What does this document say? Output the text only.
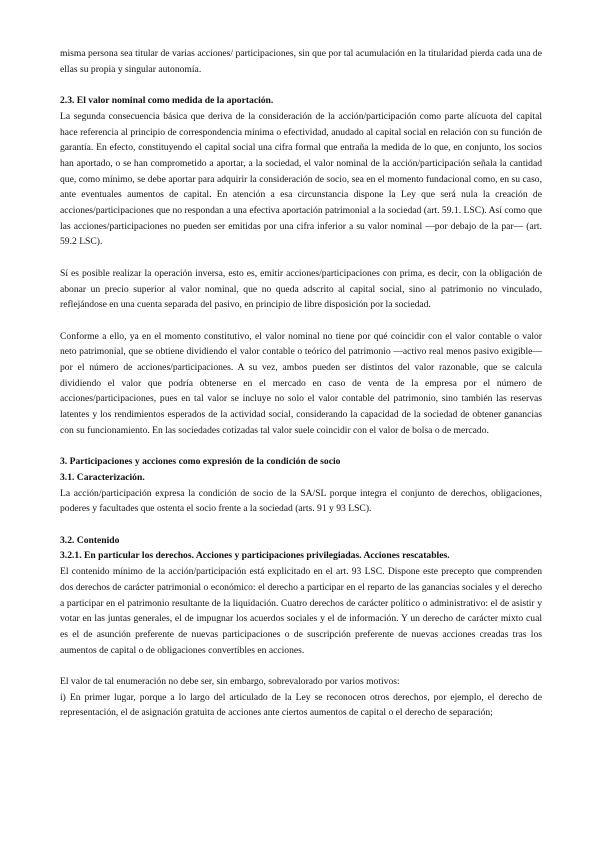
misma persona sea titular de varias acciones/ participaciones, sin que por tal acumulación en la titularidad pierda cada una de ellas su propia y singular autonomía.

2.3. El valor nominal como medida de la aportación.

La segunda consecuencia básica que deriva de la consideración de la acción/participación como parte alícuota del capital hace referencia al principio de correspondencia mínima o efectividad, anudado al capital social en relación con su función de garantía. En efecto, constituyendo el capital social una cifra formal que entraña la medida de lo que, en conjunto, los socios han aportado, o se han comprometido a aportar, a la sociedad, el valor nominal de la acción/participación señala la cantidad que, como mínimo, se debe aportar para adquirir la consideración de socio, sea en el momento fundacional como, en su caso, ante eventuales aumentos de capital. En atención a esa circunstancia dispone la Ley que será nula la creación de acciones/participaciones que no respondan a una efectiva aportación patrimonial a la sociedad (art. 59.1. LSC). Así como que las acciones/participaciones no pueden ser emitidas por una cifra inferior a su valor nominal —por debajo de la par— (art. 59.2 LSC).

Sí es posible realizar la operación inversa, esto es, emitir acciones/participaciones con prima, es decir, con la obligación de abonar un precio superior al valor nominal, que no queda adscrito al capital social, sino al patrimonio no vinculado, reflejándose en una cuenta separada del pasivo, en principio de libre disposición por la sociedad.

Conforme a ello, ya en el momento constitutivo, el valor nominal no tiene por qué coincidir con el valor contable o valor neto patrimonial, que se obtiene dividiendo el valor contable o teórico del patrimonio —activo real menos pasivo exigible— por el número de acciones/participaciones. A su vez, ambos pueden ser distintos del valor razonable, que se calcula dividiendo el valor que podría obtenerse en el mercado en caso de venta de la empresa por el número de acciones/participaciones, pues en tal valor se incluye no solo el valor contable del patrimonio, sino también las reservas latentes y los rendimientos esperados de la actividad social, considerando la capacidad de la sociedad de obtener ganancias con su funcionamiento. En las sociedades cotizadas tal valor suele coincidir con el valor de bolsa o de mercado.

3. Participaciones y acciones como expresión de la condición de socio

3.1. Caracterización.

La acción/participación expresa la condición de socio de la SA/SL porque integra el conjunto de derechos, obligaciones, poderes y facultades que ostenta el socio frente a la sociedad (arts. 91 y 93 LSC).

3.2. Contenido

3.2.1. En particular los derechos. Acciones y participaciones privilegiadas. Acciones rescatables.

El contenido mínimo de la acción/participación está explicitado en el art. 93 LSC. Dispone este precepto que comprenden dos derechos de carácter patrimonial o económico: el derecho a participar en el reparto de las ganancias sociales y el derecho a participar en el patrimonio resultante de la liquidación. Cuatro derechos de carácter político o administrativo: el de asistir y votar en las juntas generales, el de impugnar los acuerdos sociales y el de información. Y un derecho de carácter mixto cual es el de asunción preferente de nuevas participaciones o de suscripción preferente de nuevas acciones creadas tras los aumentos de capital o de obligaciones convertibles en acciones.

El valor de tal enumeración no debe ser, sin embargo, sobrevalorado por varios motivos:

i) En primer lugar, porque a lo largo del articulado de la Ley se reconocen otros derechos, por ejemplo, el derecho de representación, el de asignación gratuita de acciones ante ciertos aumentos de capital o el derecho de separación;
